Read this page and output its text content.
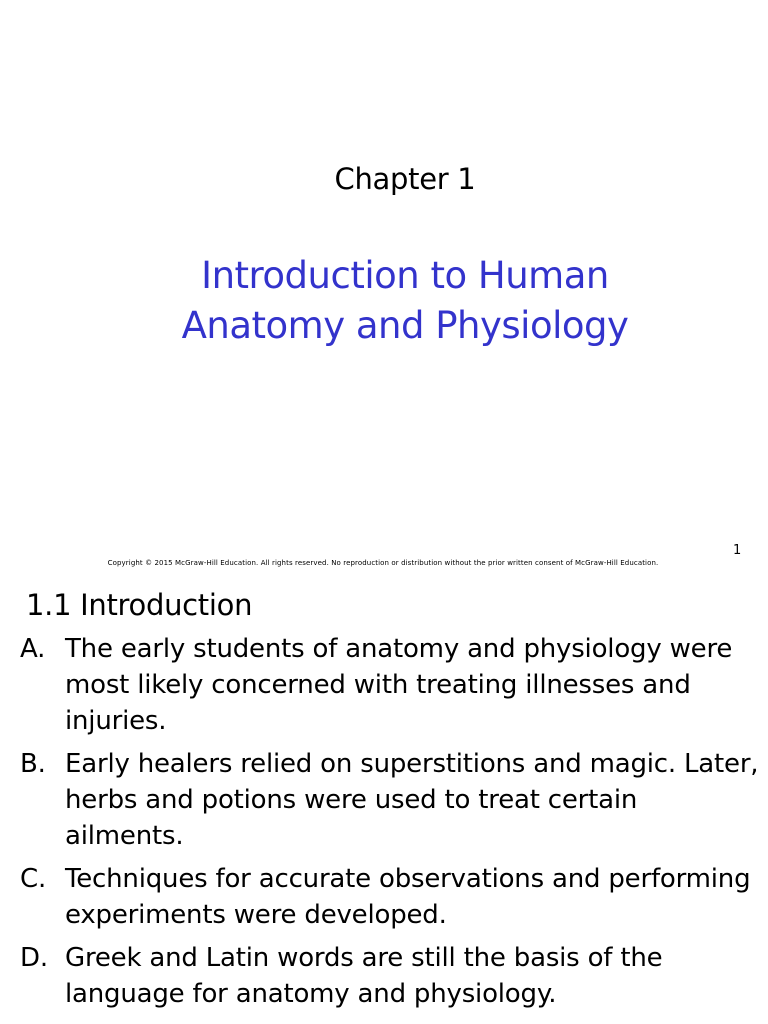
Chapter 1
Introduction to Human
Anatomy and Physiology
1
Copyright © 2015 McGraw-Hill Education. All rights reserved. No reproduction or distribution without the prior written consent of McGraw-Hill Education.
1.1 Introduction
A. The early students of anatomy and physiology were most likely concerned with treating illnesses and injuries.
B. Early healers relied on superstitions and magic. Later, herbs and potions were used to treat certain ailments.
C. Techniques for accurate observations and performing experiments were developed.
D. Greek and Latin words are still the basis of the language for anatomy and physiology.
